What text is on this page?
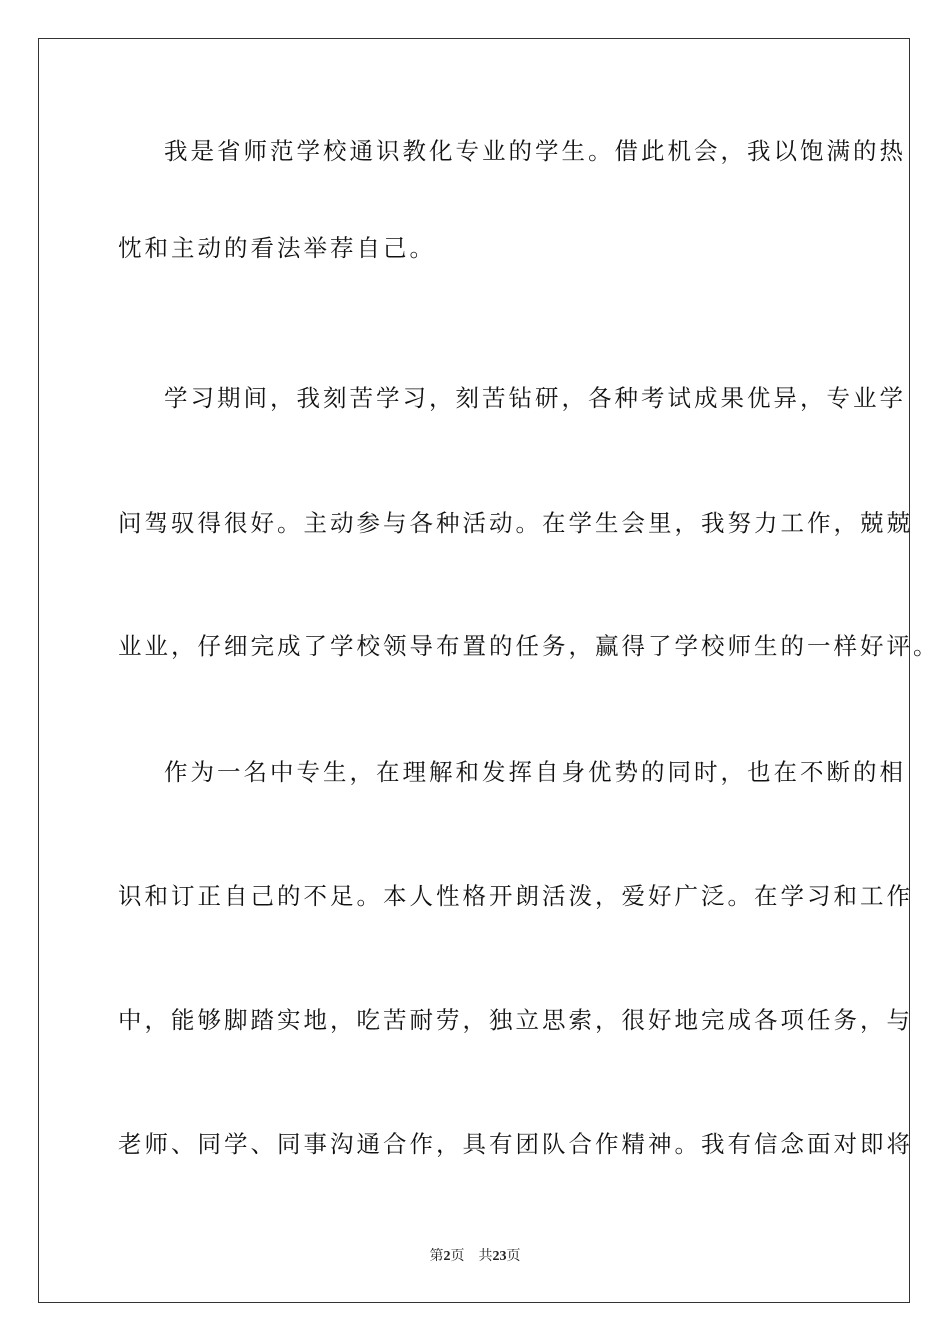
我是省师范学校通识教化专业的学生。借此机会，我以饱满的热
忱和主动的看法举荐自己。
学习期间，我刻苦学习，刻苦钻研，各种考试成果优异，专业学
问驾驭得很好。主动参与各种活动。在学生会里，我努力工作，兢兢
业业，仔细完成了学校领导布置的任务，赢得了学校师生的一样好评。
作为一名中专生，在理解和发挥自身优势的同时，也在不断的相
识和订正自己的不足。本人性格开朗活泼，爱好广泛。在学习和工作
中，能够脚踏实地，吃苦耐劳，独立思索，很好地完成各项任务，与
老师、同学、同事沟通合作，具有团队合作精神。我有信念面对即将
第2页 共23页
